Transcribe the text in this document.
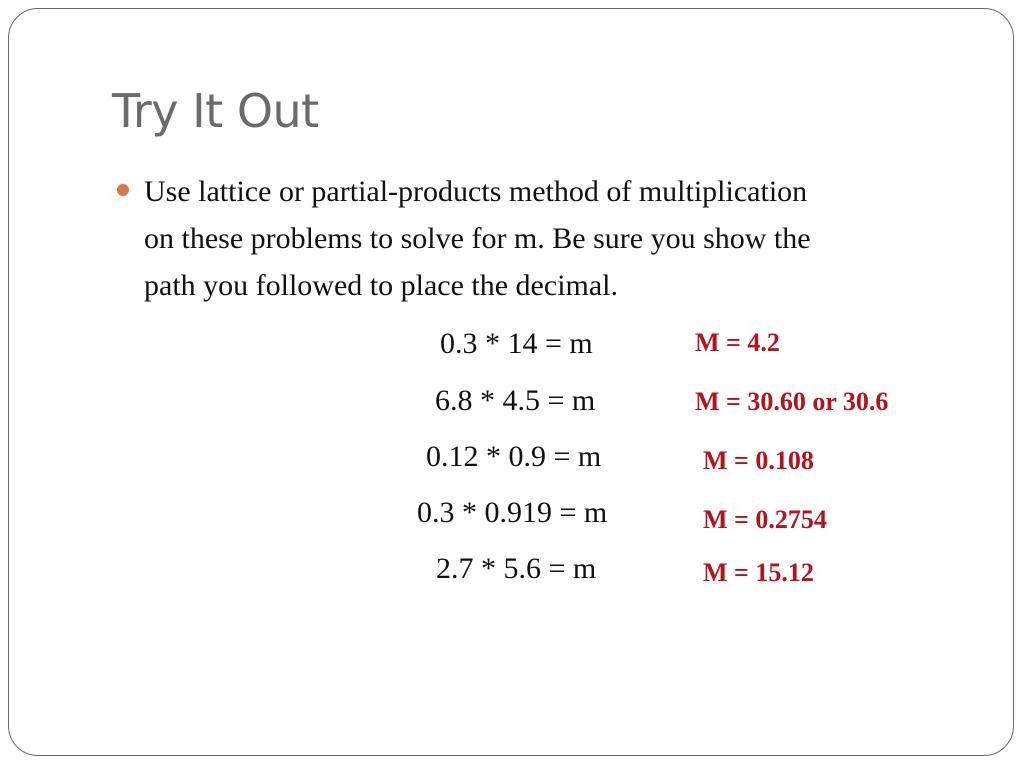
Try It Out
Use lattice or partial-products method of multiplication
on these problems to solve for m. Be sure you show the
path you followed to place the decimal.
0.3 * 14 = m	M = 4.2
6.8 * 4.5 = m	M = 30.60 or 30.6
0.12 * 0.9 = m	M = 0.108
0.3 * 0.919 = m	M = 0.2754
2.7 * 5.6 = m	M = 15.12
